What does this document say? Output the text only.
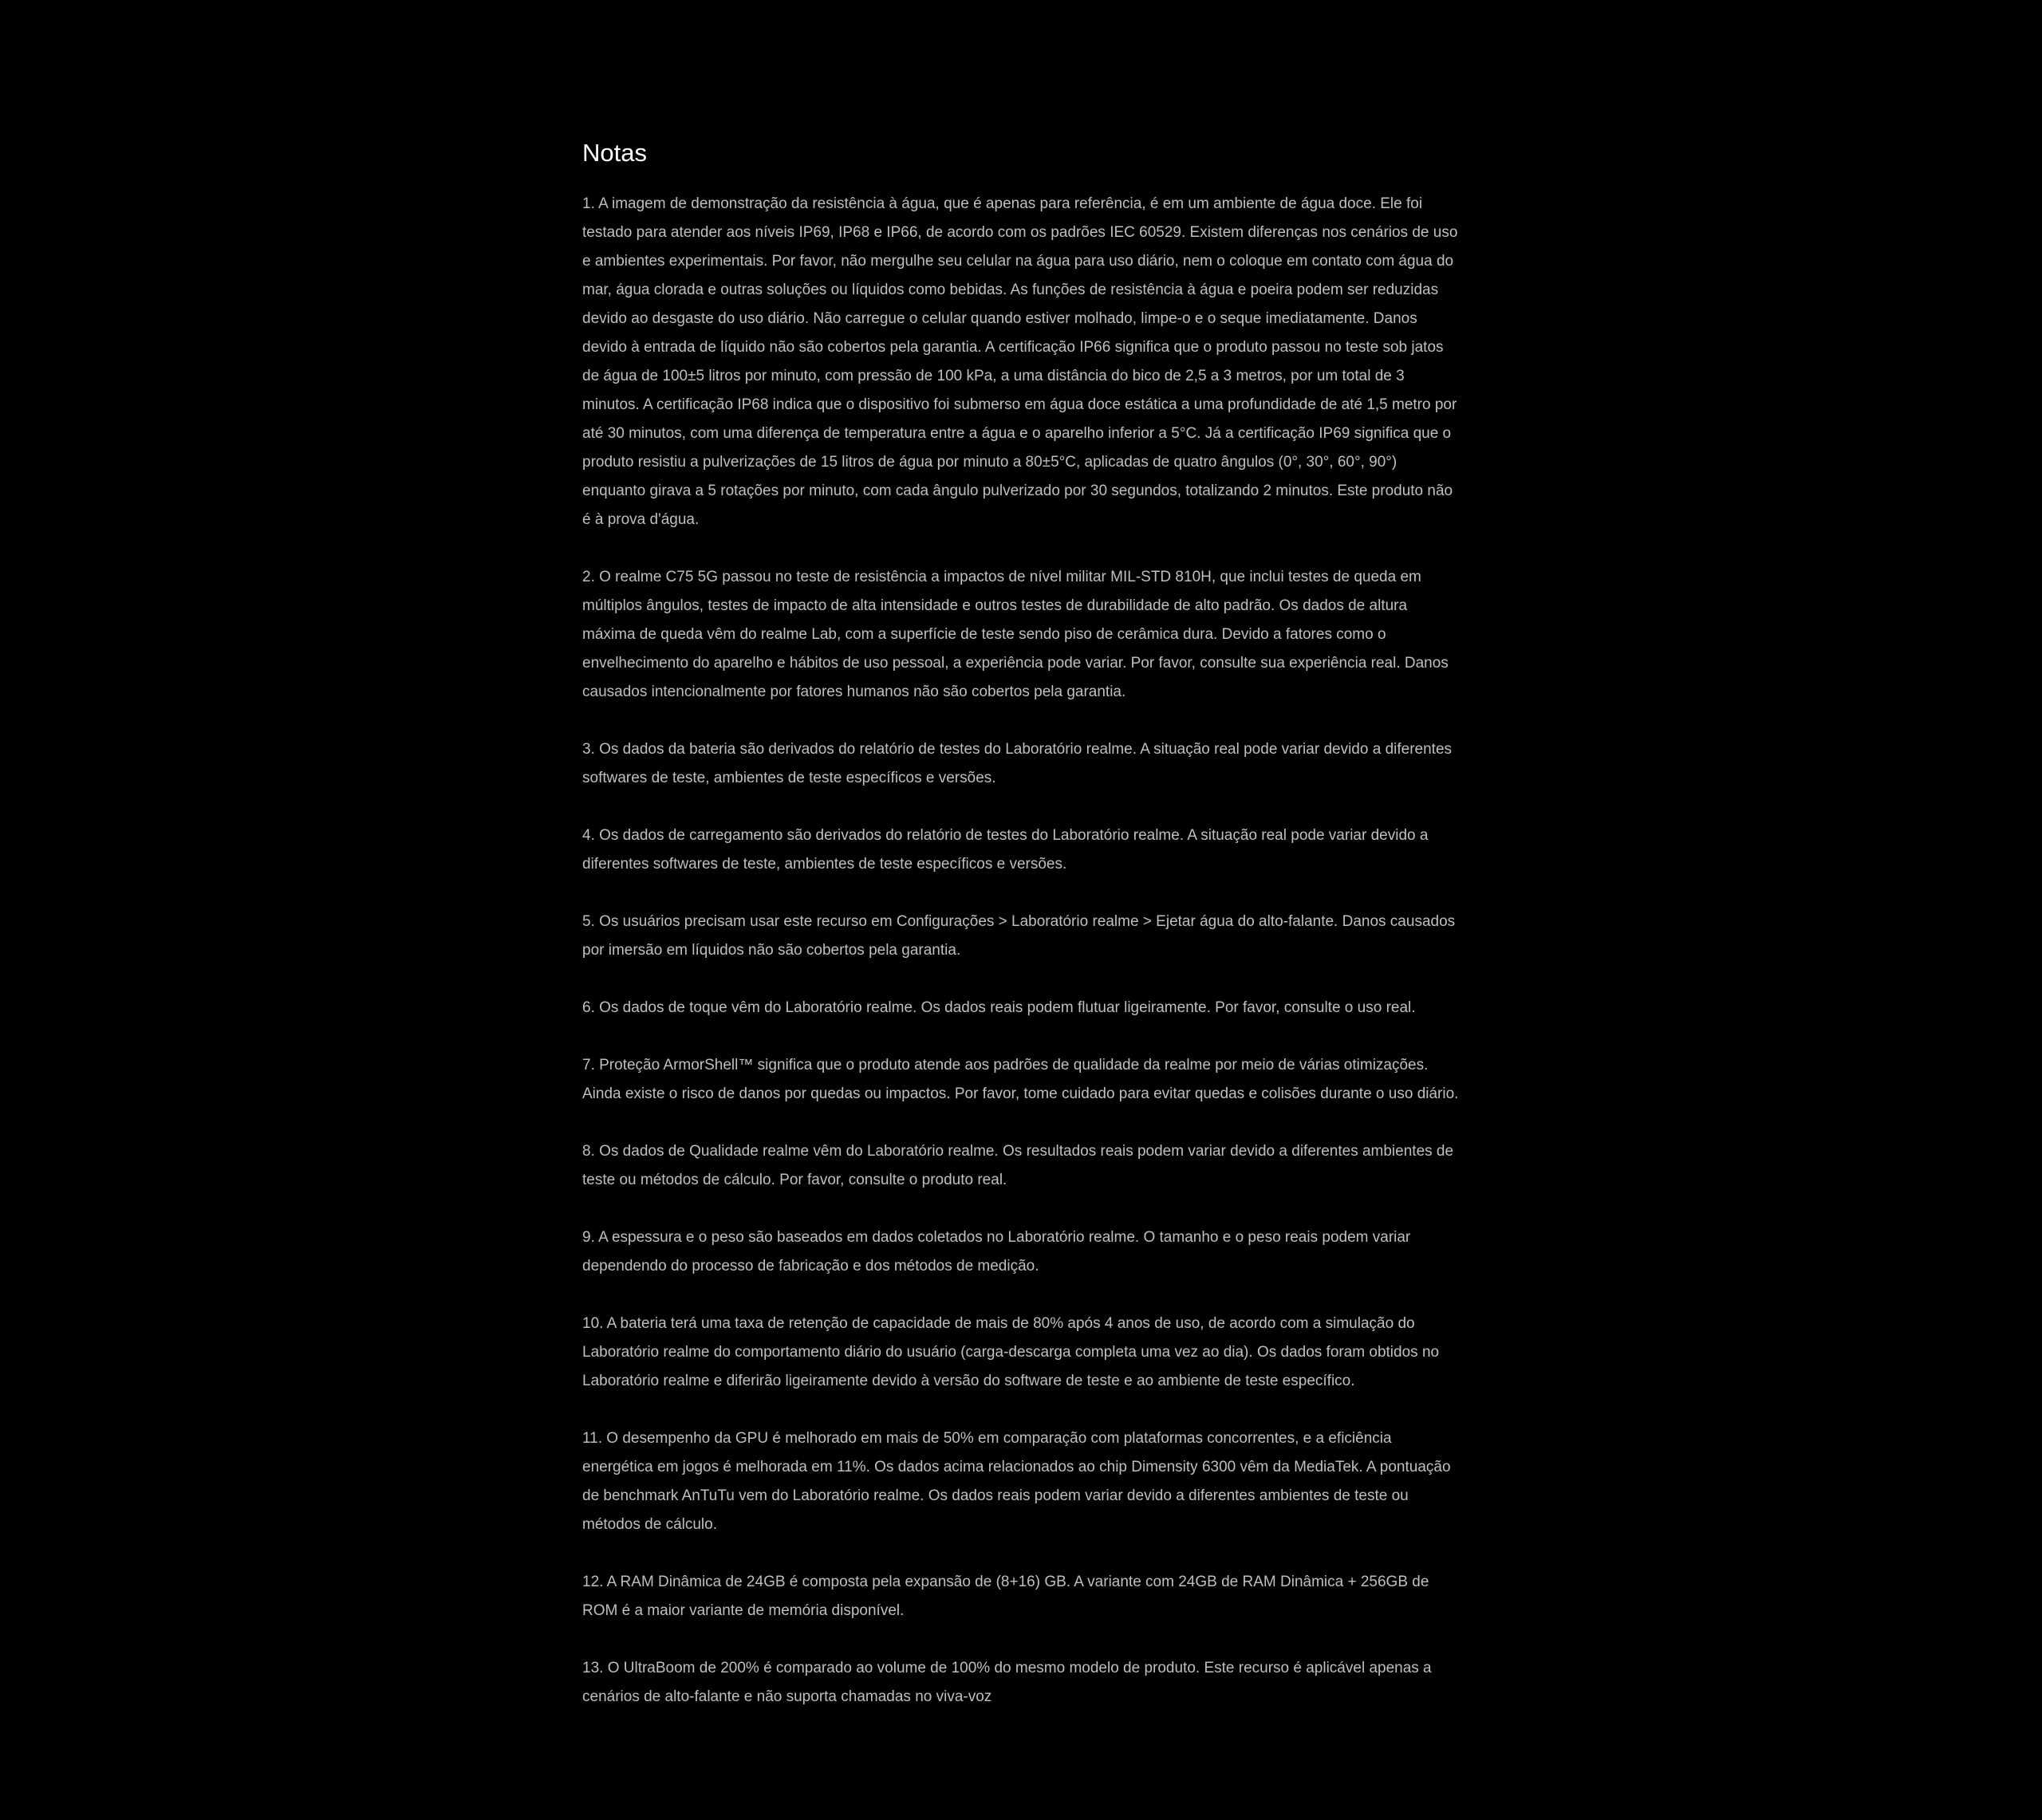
Notas
1. A imagem de demonstração da resistência à água, que é apenas para referência, é em um ambiente de água doce. Ele foi testado para atender aos níveis IP69, IP68 e IP66, de acordo com os padrões IEC 60529. Existem diferenças nos cenários de uso e ambientes experimentais. Por favor, não mergulhe seu celular na água para uso diário, nem o coloque em contato com água do mar, água clorada e outras soluções ou líquidos como bebidas. As funções de resistência à água e poeira podem ser reduzidas devido ao desgaste do uso diário. Não carregue o celular quando estiver molhado, limpe-o e o seque imediatamente. Danos devido à entrada de líquido não são cobertos pela garantia. A certificação IP66 significa que o produto passou no teste sob jatos de água de 100±5 litros por minuto, com pressão de 100 kPa, a uma distância do bico de 2,5 a 3 metros, por um total de 3 minutos. A certificação IP68 indica que o dispositivo foi submerso em água doce estática a uma profundidade de até 1,5 metro por até 30 minutos, com uma diferença de temperatura entre a água e o aparelho inferior a 5°C. Já a certificação IP69 significa que o produto resistiu a pulverizações de 15 litros de água por minuto a 80±5°C, aplicadas de quatro ângulos (0°, 30°, 60°, 90°) enquanto girava a 5 rotações por minuto, com cada ângulo pulverizado por 30 segundos, totalizando 2 minutos. Este produto não é à prova d'água.
2. O realme C75 5G passou no teste de resistência a impactos de nível militar MIL-STD 810H, que inclui testes de queda em múltiplos ângulos, testes de impacto de alta intensidade e outros testes de durabilidade de alto padrão. Os dados de altura máxima de queda vêm do realme Lab, com a superfície de teste sendo piso de cerâmica dura. Devido a fatores como o envelhecimento do aparelho e hábitos de uso pessoal, a experiência pode variar. Por favor, consulte sua experiência real. Danos causados intencionalmente por fatores humanos não são cobertos pela garantia.
3. Os dados da bateria são derivados do relatório de testes do Laboratório realme. A situação real pode variar devido a diferentes softwares de teste, ambientes de teste específicos e versões.
4. Os dados de carregamento são derivados do relatório de testes do Laboratório realme. A situação real pode variar devido a diferentes softwares de teste, ambientes de teste específicos e versões.
5. Os usuários precisam usar este recurso em Configurações > Laboratório realme > Ejetar água do alto-falante. Danos causados por imersão em líquidos não são cobertos pela garantia.
6. Os dados de toque vêm do Laboratório realme. Os dados reais podem flutuar ligeiramente. Por favor, consulte o uso real.
7. Proteção ArmorShell™ significa que o produto atende aos padrões de qualidade da realme por meio de várias otimizações. Ainda existe o risco de danos por quedas ou impactos. Por favor, tome cuidado para evitar quedas e colisões durante o uso diário.
8. Os dados de Qualidade realme vêm do Laboratório realme. Os resultados reais podem variar devido a diferentes ambientes de teste ou métodos de cálculo. Por favor, consulte o produto real.
9. A espessura e o peso são baseados em dados coletados no Laboratório realme. O tamanho e o peso reais podem variar dependendo do processo de fabricação e dos métodos de medição.
10. A bateria terá uma taxa de retenção de capacidade de mais de 80% após 4 anos de uso, de acordo com a simulação do Laboratório realme do comportamento diário do usuário (carga-descarga completa uma vez ao dia). Os dados foram obtidos no Laboratório realme e diferirão ligeiramente devido à versão do software de teste e ao ambiente de teste específico.
11. O desempenho da GPU é melhorado em mais de 50% em comparação com plataformas concorrentes, e a eficiência energética em jogos é melhorada em 11%. Os dados acima relacionados ao chip Dimensity 6300 vêm da MediaTek. A pontuação de benchmark AnTuTu vem do Laboratório realme. Os dados reais podem variar devido a diferentes ambientes de teste ou métodos de cálculo.
12. A RAM Dinâmica de 24GB é composta pela expansão de (8+16) GB. A variante com 24GB de RAM Dinâmica + 256GB de ROM é a maior variante de memória disponível.
13. O UltraBoom de 200% é comparado ao volume de 100% do mesmo modelo de produto. Este recurso é aplicável apenas a cenários de alto-falante e não suporta chamadas no viva-voz
